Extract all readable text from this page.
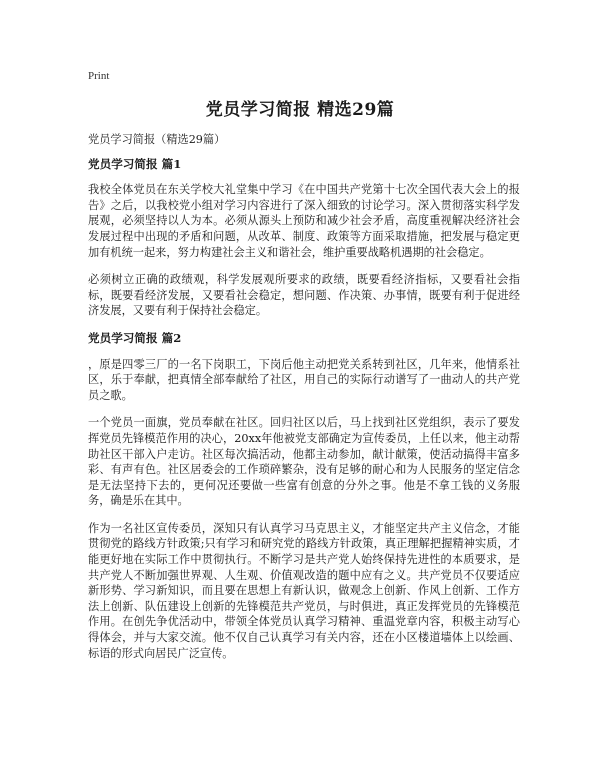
Print
党员学习简报 精选29篇

党员学习简报（精选29篇）

党员学习简报 篇1

我校全体党员在东关学校大礼堂集中学习《在中国共产党第十七次全国代表大会上的报告》之后，以我校党小组对学习内容进行了深入细致的讨论学习。深入贯彻落实科学发展观，必须坚持以人为本。必须从源头上预防和减少社会矛盾，高度重视解决经济社会发展过程中出现的矛盾和问题，从改革、制度、政策等方面采取措施，把发展与稳定更加有机统一起来，努力构建社会主义和谐社会，维护重要战略机遇期的社会稳定。

必须树立正确的政绩观，科学发展观所要求的政绩，既要看经济指标，又要看社会指标，既要看经济发展，又要看社会稳定，想问题、作决策、办事情，既要有利于促进经济发展，又要有利于保持社会稳定。

党员学习简报 篇2

，原是四零三厂的一名下岗职工，下岗后他主动把党关系转到社区，几年来，他情系社区，乐于奉献，把真情全部奉献给了社区，用自己的实际行动谱写了一曲动人的共产党员之歌。

一个党员一面旗，党员奉献在社区。回归社区以后，马上找到社区党组织，表示了要发挥党员先锋模范作用的决心，20xx年他被党支部确定为宣传委员，上任以来，他主动帮助社区干部入户走访。社区每次搞活动，他都主动参加，献计献策，使活动搞得丰富多彩、有声有色。社区居委会的工作琐碎繁杂，没有足够的耐心和为人民服务的坚定信念是无法坚持下去的，更何况还要做一些富有创意的分外之事。他是不拿工钱的义务服务，确是乐在其中。

作为一名社区宣传委员，深知只有认真学习马克思主义，才能坚定共产主义信念，才能贯彻党的路线方针政策;只有学习和研究党的路线方针政策，真正理解把握精神实质，才能更好地在实际工作中贯彻执行。不断学习是共产党人始终保持先进性的本质要求，是共产党人不断加强世界观、人生观、价值观改造的题中应有之义。共产党员不仅要适应新形势、学习新知识，而且要在思想上有新认识，做观念上创新、作风上创新、工作方法上创新、队伍建设上创新的先锋模范共产党员，与时俱进，真正发挥党员的先锋模范作用。在创先争优活动中，带领全体党员认真学习精神、重温党章内容，积极主动写心得体会，并与大家交流。他不仅自己认真学习有关内容，还在小区楼道墙体上以绘画、标语的形式向居民广泛宣传。
